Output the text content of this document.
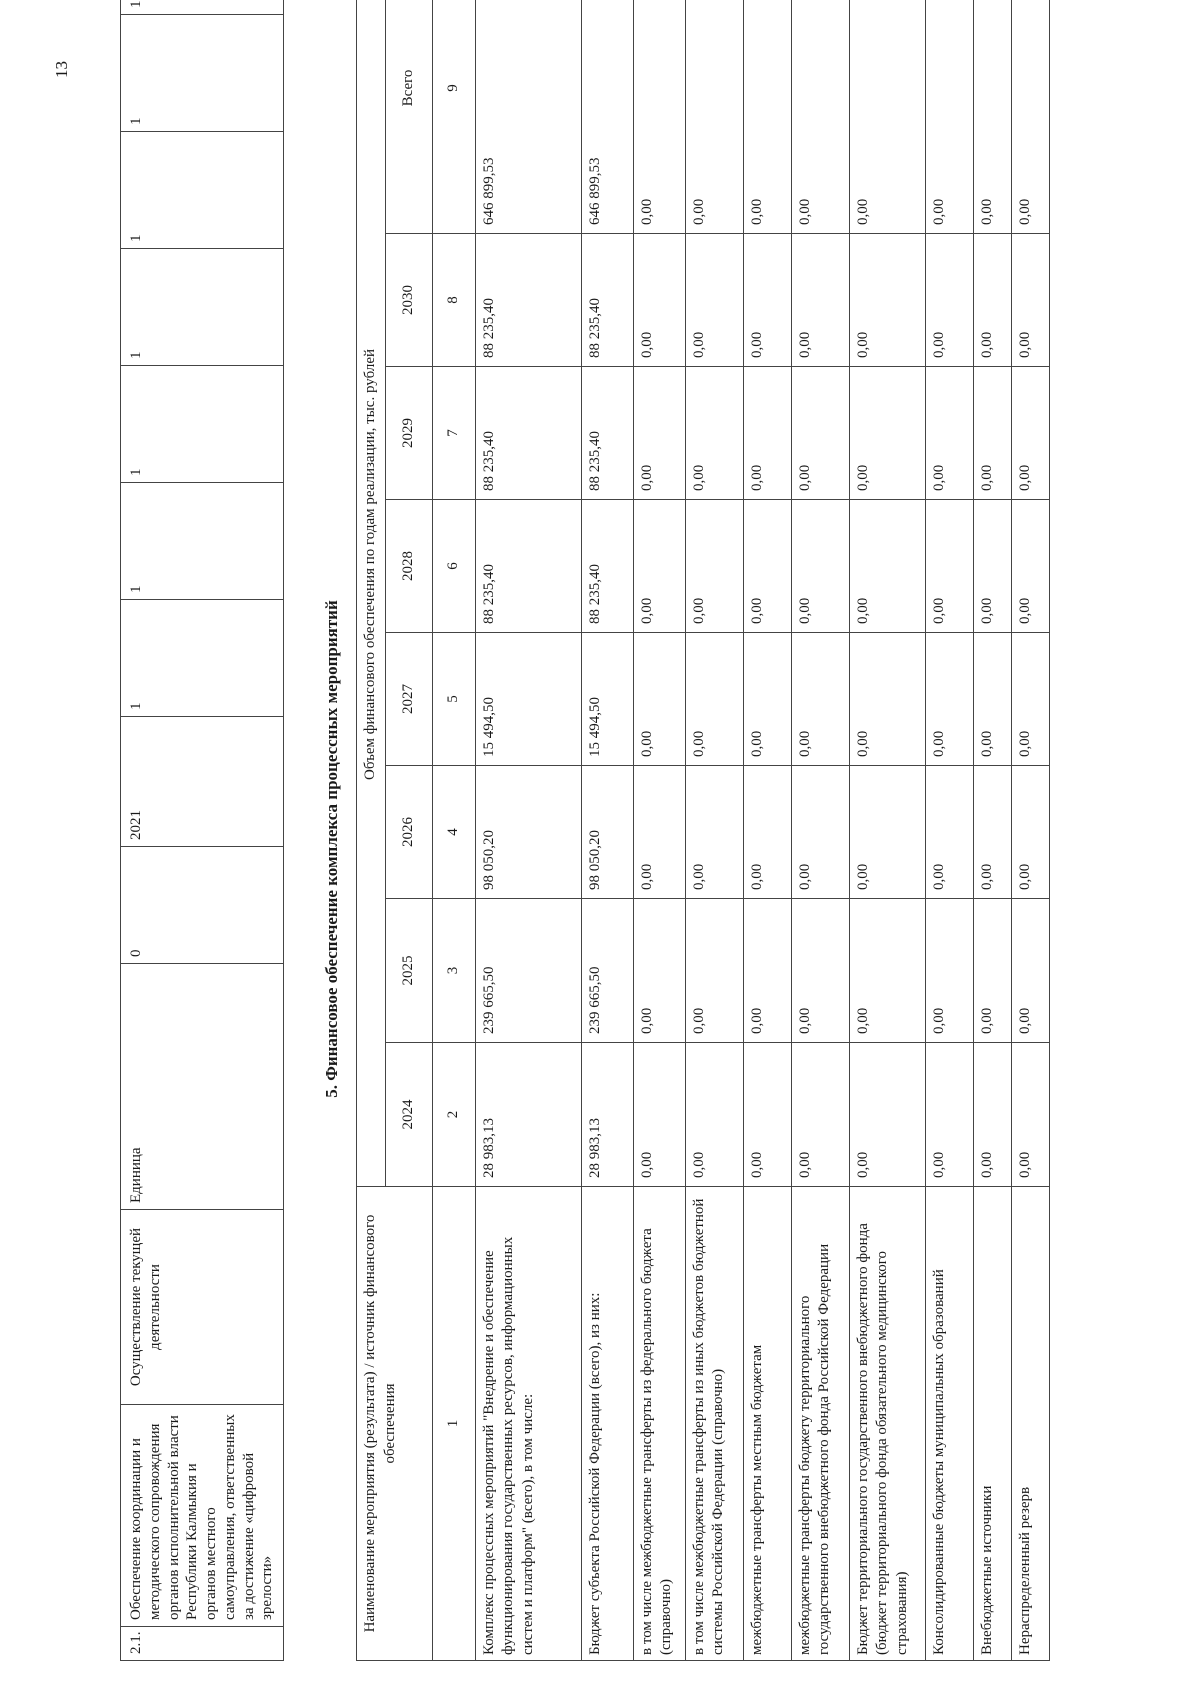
2.1.	Обеспечение координации и методического сопровождения органов исполнительной власти Республики Калмыкия и органов местного самоуправления, ответственных за достижение «цифровой зрелости»	Осуществление текущей деятельности	Единица	0	2021	1	1	1	1	1	1	1
5. Финансовое обеспечение комплекса процессных мероприятий
Наименование мероприятия (результата) / источник финансового обеспечения	Объем финансового обеспечения по годам реализации, тыс. рублей							
	2024	2025	2026	2027	2028	2029	2030	Всего
1	2	3	4	5	6	7	8	9
Комплекс процессных мероприятий "Внедрение и обеспечение функционирования государственных ресурсов, информационных систем и платформ" (всего), в том числе:	28 983,13	239 665,50	98 050,20	15 494,50	88 235,40	88 235,40	88 235,40	646 899,53
Бюджет субъекта Российской Федерации (всего), из них:	28 983,13	239 665,50	98 050,20	15 494,50	88 235,40	88 235,40	88 235,40	646 899,53
в том числе межбюджетные трансферты из федерального бюджета (справочно)	0,00	0,00	0,00	0,00	0,00	0,00	0,00	0,00
в том числе межбюджетные трансферты из иных бюджетов бюджетной системы Российской Федерации (справочно)	0,00	0,00	0,00	0,00	0,00	0,00	0,00	0,00
межбюджетные трансферты местным бюджетам	0,00	0,00	0,00	0,00	0,00	0,00	0,00	0,00
межбюджетные трансферты бюджету территориального государственного внебюджетного фонда Российской Федерации	0,00	0,00	0,00	0,00	0,00	0,00	0,00	0,00
Бюджет территориального государственного внебюджетного фонда (бюджет территориального фонда обязательного медицинского страхования)	0,00	0,00	0,00	0,00	0,00	0,00	0,00	0,00
Консолидированные бюджеты муниципальных образований	0,00	0,00	0,00	0,00	0,00	0,00	0,00	0,00
Внебюджетные источники	0,00	0,00	0,00	0,00	0,00	0,00	0,00	0,00
Нераспределенный резерв	0,00	0,00	0,00	0,00	0,00	0,00	0,00	0,00
13
